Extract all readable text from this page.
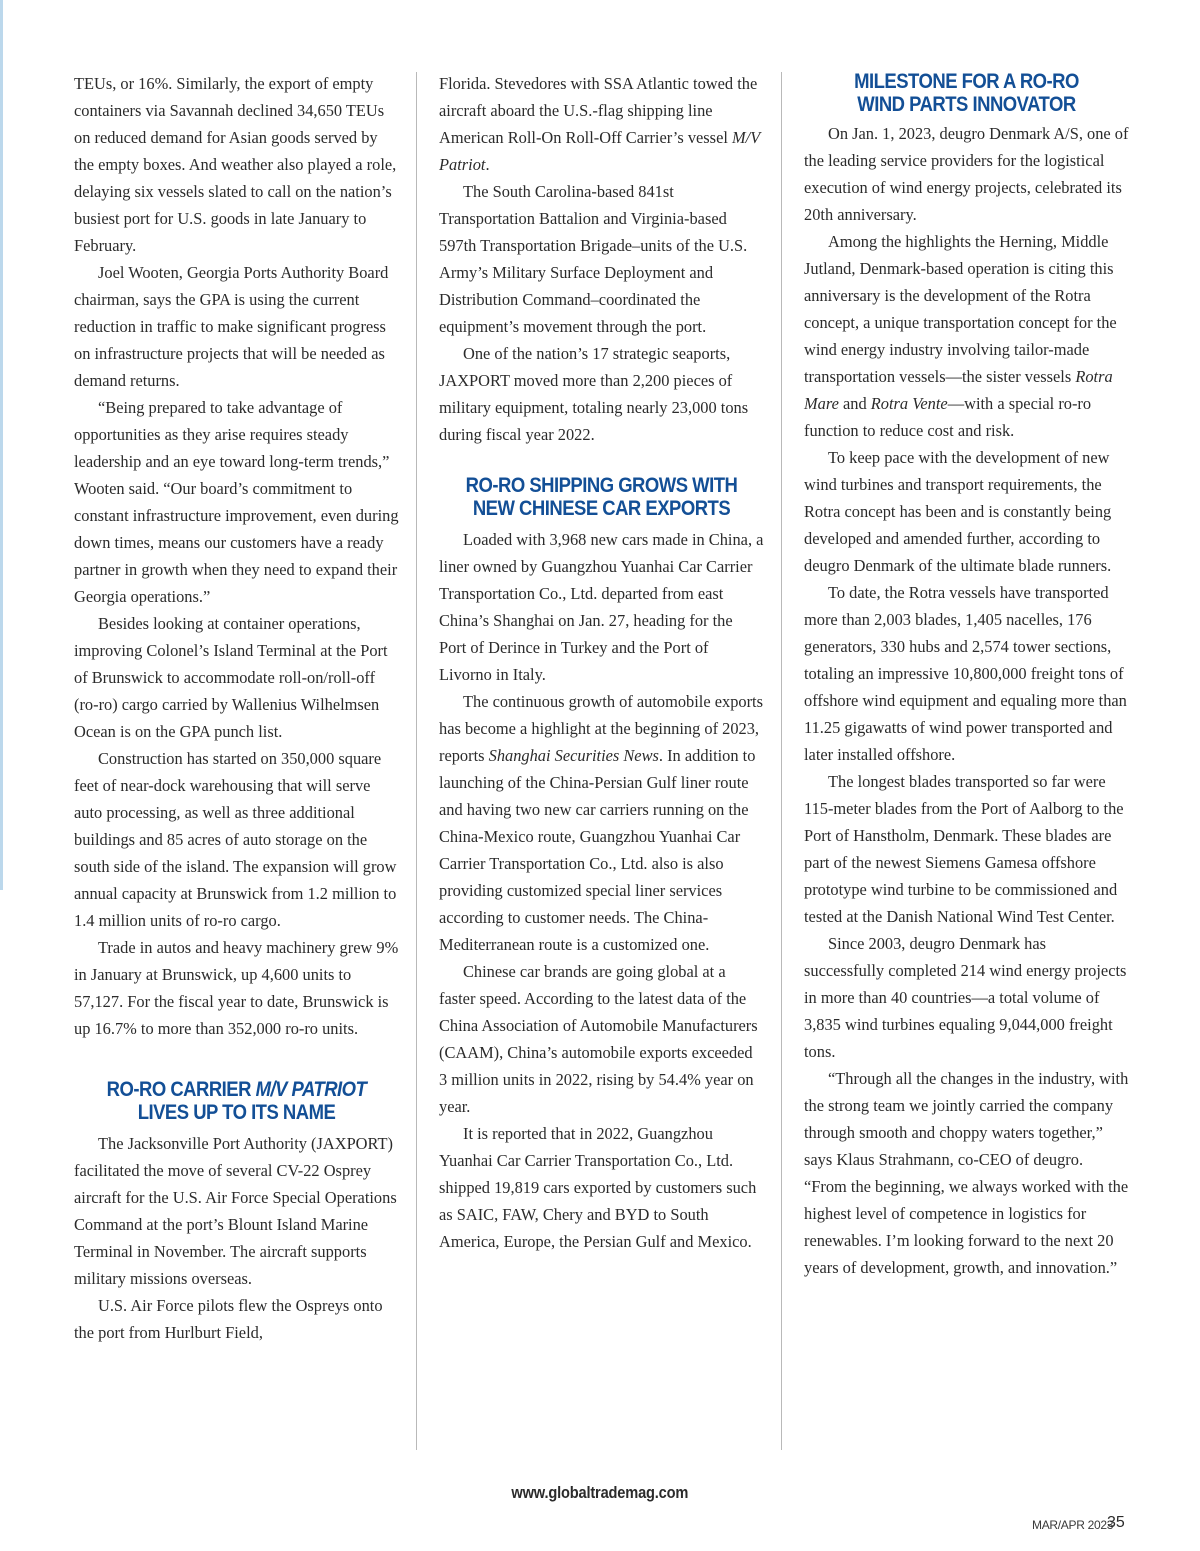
TEUs, or 16%. Similarly, the export of empty containers via Savannah declined 34,650 TEUs on reduced demand for Asian goods served by the empty boxes. And weather also played a role, delaying six vessels slated to call on the nation’s busiest port for U.S. goods in late January to February.

Joel Wooten, Georgia Ports Authority Board chairman, says the GPA is using the current reduction in traffic to make significant progress on infrastructure projects that will be needed as demand returns.

“Being prepared to take advantage of opportunities as they arise requires steady leadership and an eye toward long-term trends,” Wooten said. “Our board’s commitment to constant infrastructure improvement, even during down times, means our customers have a ready partner in growth when they need to expand their Georgia operations.”

Besides looking at container operations, improving Colonel’s Island Terminal at the Port of Brunswick to accommodate roll-on/roll-off (ro-ro) cargo carried by Wallenius Wilhelmsen Ocean is on the GPA punch list.

Construction has started on 350,000 square feet of near-dock warehousing that will serve auto processing, as well as three additional buildings and 85 acres of auto storage on the south side of the island. The expansion will grow annual capacity at Brunswick from 1.2 million to 1.4 million units of ro-ro cargo.

Trade in autos and heavy machinery grew 9% in January at Brunswick, up 4,600 units to 57,127. For the fiscal year to date, Brunswick is up 16.7% to more than 352,000 ro-ro units.

RO-RO CARRIER M/V PATRIOT
LIVES UP TO ITS NAME

The Jacksonville Port Authority (JAXPORT) facilitated the move of several CV-22 Osprey aircraft for the U.S. Air Force Special Operations Command at the port’s Blount Island Marine Terminal in November. The aircraft supports military missions overseas.

U.S. Air Force pilots flew the Ospreys onto the port from Hurlburt Field,

Florida. Stevedores with SSA Atlantic towed the aircraft aboard the U.S.-flag shipping line American Roll-On Roll-Off Carrier’s vessel M/V Patriot.

The South Carolina-based 841st Transportation Battalion and Virginia-based 597th Transportation Brigade–units of the U.S. Army’s Military Surface Deployment and Distribution Command–coordinated the equipment’s movement through the port.

One of the nation’s 17 strategic seaports, JAXPORT moved more than 2,200 pieces of military equipment, totaling nearly 23,000 tons during fiscal year 2022.

RO-RO SHIPPING GROWS WITH
NEW CHINESE CAR EXPORTS

Loaded with 3,968 new cars made in China, a liner owned by Guangzhou Yuanhai Car Carrier Transportation Co., Ltd. departed from east China’s Shanghai on Jan. 27, heading for the Port of Derince in Turkey and the Port of Livorno in Italy.

The continuous growth of automobile exports has become a highlight at the beginning of 2023, reports Shanghai Securities News. In addition to launching of the China-Persian Gulf liner route and having two new car carriers running on the China-Mexico route, Guangzhou Yuanhai Car Carrier Transportation Co., Ltd. also is also providing customized special liner services according to customer needs. The China-Mediterranean route is a customized one.

Chinese car brands are going global at a faster speed. According to the latest data of the China Association of Automobile Manufacturers (CAAM), China’s automobile exports exceeded 3 million units in 2022, rising by 54.4% year on year.

It is reported that in 2022, Guangzhou Yuanhai Car Carrier Transportation Co., Ltd. shipped 19,819 cars exported by customers such as SAIC, FAW, Chery and BYD to South America, Europe, the Persian Gulf and Mexico.

MILESTONE FOR A RO-RO
WIND PARTS INNOVATOR

On Jan. 1, 2023, deugro Denmark A/S, one of the leading service providers for the logistical execution of wind energy projects, celebrated its 20th anniversary.

Among the highlights the Herning, Middle Jutland, Denmark-based operation is citing this anniversary is the development of the Rotra concept, a unique transportation concept for the wind energy industry involving tailor-made transportation vessels—the sister vessels Rotra Mare and Rotra Vente—with a special ro-ro function to reduce cost and risk.

To keep pace with the development of new wind turbines and transport requirements, the Rotra concept has been and is constantly being developed and amended further, according to deugro Denmark of the ultimate blade runners.

To date, the Rotra vessels have transported more than 2,003 blades, 1,405 nacelles, 176 generators, 330 hubs and 2,574 tower sections, totaling an impressive 10,800,000 freight tons of offshore wind equipment and equaling more than 11.25 gigawatts of wind power transported and later installed offshore.

The longest blades transported so far were 115-meter blades from the Port of Aalborg to the Port of Hanstholm, Denmark. These blades are part of the newest Siemens Gamesa offshore prototype wind turbine to be commissioned and tested at the Danish National Wind Test Center.

Since 2003, deugro Denmark has successfully completed 214 wind energy projects in more than 40 countries—a total volume of 3,835 wind turbines equaling 9,044,000 freight tons.

“Through all the changes in the industry, with the strong team we jointly carried the company through smooth and choppy waters together,” says Klaus Strahmann, co-CEO of deugro. “From the beginning, we always worked with the highest level of competence in logistics for renewables. I’m looking forward to the next 20 years of development, growth, and innovation.”

www.globaltrademag.com
MAR/APR 2023
35
